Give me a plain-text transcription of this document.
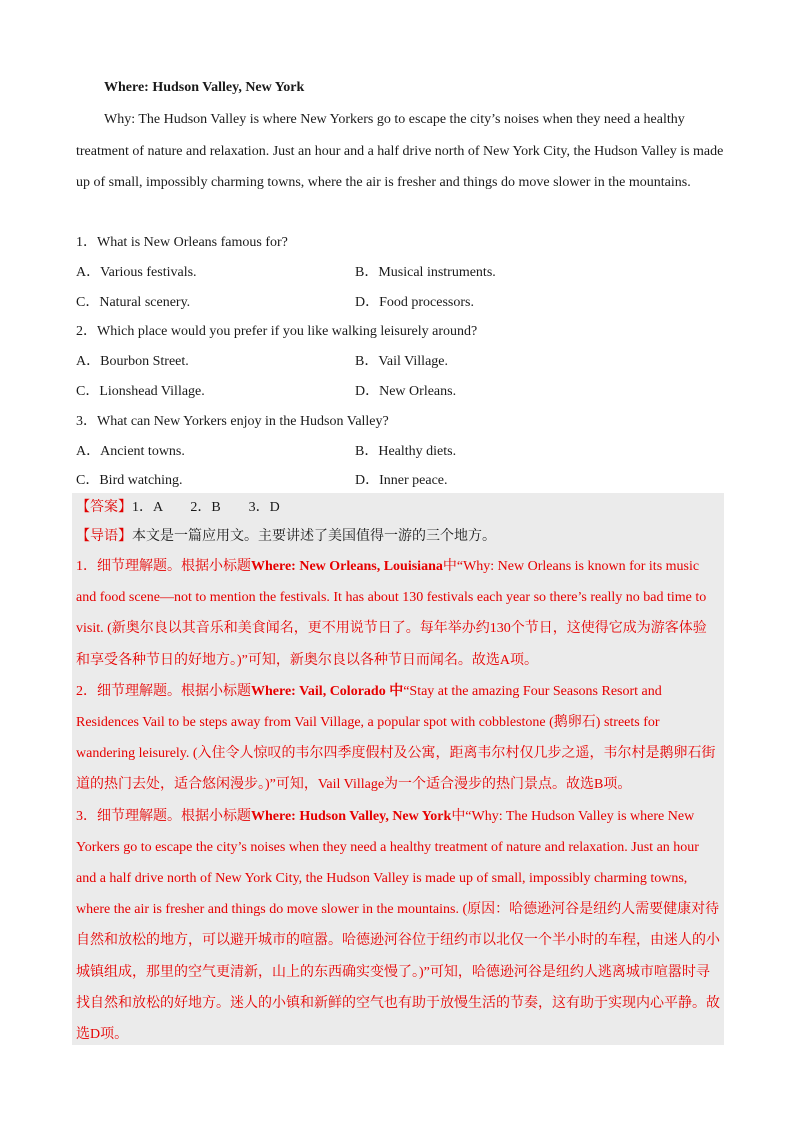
Where: Hudson Valley, New York
Why: The Hudson Valley is where New Yorkers go to escape the city’s noises when they need a healthy treatment of nature and relaxation. Just an hour and a half drive north of New York City, the Hudson Valley is made up of small, impossibly charming towns, where the air is fresher and things do move slower in the mountains.
1．What is New Orleans famous for?
A．Various festivals.	B．Musical instruments.
C．Natural scenery.	D．Food processors.
2．Which place would you prefer if you like walking leisurely around?
A．Bourbon Street.	B．Vail Village.
C．Lionshead Village.	D．New Orleans.
3．What can New Yorkers enjoy in the Hudson Valley?
A．Ancient towns.	B．Healthy diets.
C．Bird watching.	D．Inner peace.
【答案】1．A　　2．B　　3．D
【导语】本文是一篇应用文。主要讲述了美国值得一游的三个地方。

1．细节理解题。根据小标题Where: New Orleans, Louisiana中“Why: New Orleans is known for its music and food scene—not to mention the festivals. It has about 130 festivals each year so there’s really no bad time to visit. (新奥尔良以其音乐和美食闻名，更不用说节日了。每年举办约130个节日，这使得它成为游客体验和享受各种节日的好地方。)”可知，新奥尔良以各种节日而闻名。故选A项。

2．细节理解题。根据小标题Where: Vail, Colorado 中“Stay at the amazing Four Seasons Resort and Residences Vail to be steps away from Vail Village, a popular spot with cobblestone (鹅卵石) streets for wandering leisurely. (入住令人惊叹的韦尔四季度假村及公寓，距离韦尔村仅几步之遥，韦尔村是鹅卵石街道的热门去处，适合悠闲漫步。)”可知，Vail Village为一个适合漫步的热门景点。故选B项。

3．细节理解题。根据小标题Where: Hudson Valley, New York中“Why: The Hudson Valley is where New Yorkers go to escape the city’s noises when they need a healthy treatment of nature and relaxation. Just an hour and a half drive north of New York City, the Hudson Valley is made up of small, impossibly charming towns, where the air is fresher and things do move slower in the mountains. (原因：哈德逊河谷是纽约人需要健康对待自然和放松的地方，可以避开城市的喧嚣。哈德逊河谷位于纽约市以北仅一个半小时的车程，由迷人的小城镇组成，那里的空气更清新，山上的东西确实变慢了。)”可知，哈德逊河谷是纽约人逃离城市喧嚣时寻找自然和放松的好地方。迷人的小镇和新鲜的空气也有助于放慢生活的节奏，这有助于实现内心平静。故选D项。
